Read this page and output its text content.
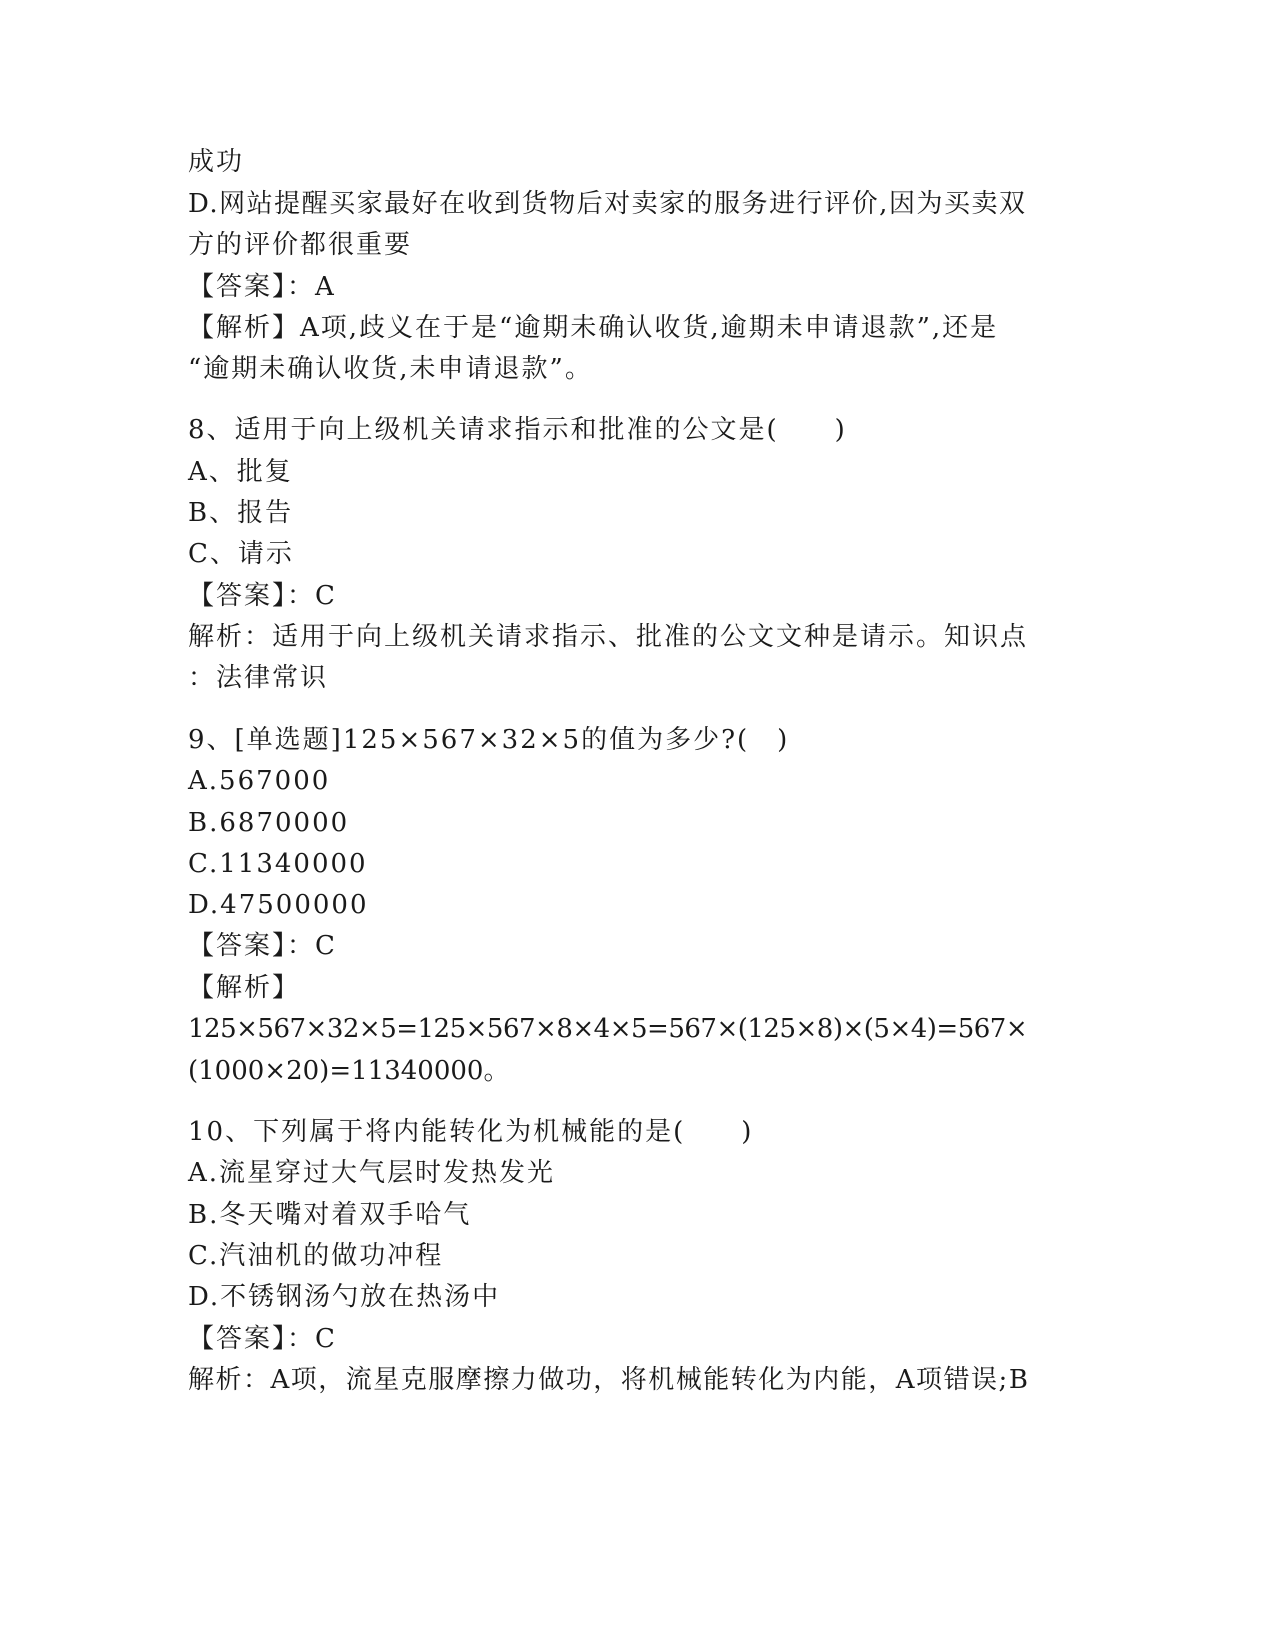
成功
D.网站提醒买家最好在收到货物后对卖家的服务进行评价,因为买卖双
方的评价都很重要
【答案】：A
【解析】A项,歧义在于是“逾期未确认收货,逾期未申请退款”,还是
“逾期未确认收货,未申请退款”。
8、适用于向上级机关请求指示和批准的公文是(　　)
A、批复
B、报告
C、请示
【答案】：C
解析：适用于向上级机关请求指示、批准的公文文种是请示。知识点
：法律常识
9、[单选题]125×567×32×5的值为多少?(　)
A.567000
B.6870000
C.11340000
D.47500000
【答案】：C
【解析】
125×567×32×5=125×567×8×4×5=567×(125×8)×(5×4)=567×
(1000×20)=11340000。
10、下列属于将内能转化为机械能的是(　　)
A.流星穿过大气层时发热发光
B.冬天嘴对着双手哈气
C.汽油机的做功冲程
D.不锈钢汤勺放在热汤中
【答案】：C
解析：A项，流星克服摩擦力做功，将机械能转化为内能，A项错误;B
